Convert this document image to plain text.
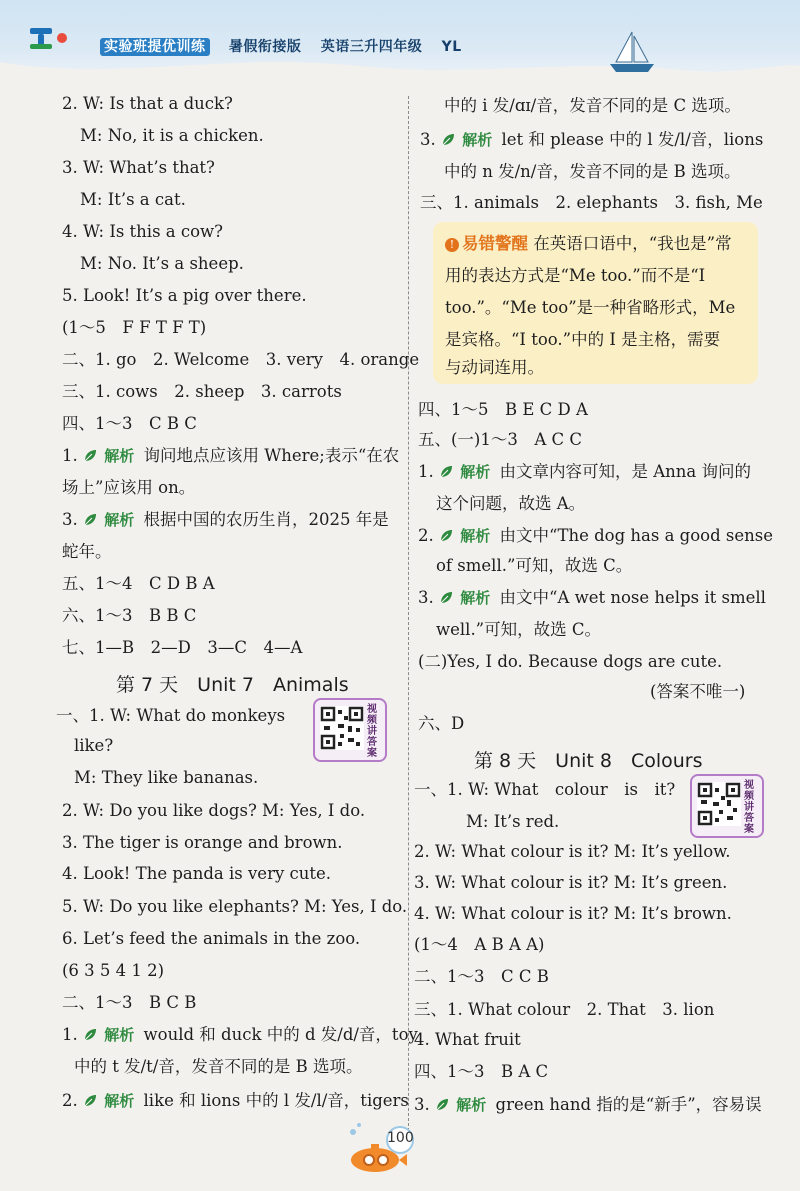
实验班提优训练 暑假衔接版 英语三升四年级 YL
2. W: Is that a duck?
M: No, it is a chicken.
3. W: What’s that?
M: It’s a cat.
4. W: Is this a cow?
M: No. It’s a sheep.
5. Look! It’s a pig over there.
(1～5　F F T F T)
二、1. go　2. Welcome　3. very　4. orange
三、1. cows　2. sheep　3. carrots
四、1～3　C B C
1. 解析 询问地点应该用 Where;表示“在农
场上”应该用 on。
3. 解析 根据中国的农历生肖，2025 年是
蛇年。
五、1～4　C D B A
六、1～3　B B C
七、1—B　2—D　3—C　4—A
第 7 天　Unit 7　Animals
视频讲答案
一、1. W: What do monkeys
like?
M: They like bananas.
2. W: Do you like dogs? M: Yes, I do.
3. The tiger is orange and brown.
4. Look! The panda is very cute.
5. W: Do you like elephants? M: Yes, I do.
6. Let’s feed the animals in the zoo.
(6 3 5 4 1 2)
二、1～3　B C B
1. 解析 would 和 duck 中的 d 发/d/音，toy
中的 t 发/t/音，发音不同的是 B 选项。
2. 解析 like 和 lions 中的 l 发/l/音，tigers
中的 i 发/ɑɪ/音，发音不同的是 C 选项。
3. 解析 let 和 please 中的 l 发/l/音，lions
中的 n 发/n/音，发音不同的是 B 选项。
三、1. animals　2. elephants　3. fish, Me
! 易错警醒 在英语口语中，“我也是”常
用的表达方式是“Me too.”而不是“I
too.”。“Me too”是一种省略形式，Me
是宾格。“I too.”中的 I 是主格，需要
与动词连用。
四、1～5　B E C D A
五、(一)1～3　A C C
1. 解析 由文章内容可知，是 Anna 询问的
这个问题，故选 A。
2. 解析 由文中“The dog has a good sense
of smell.”可知，故选 C。
3. 解析 由文中“A wet nose helps it smell
well.”可知，故选 C。
(二)Yes, I do. Because dogs are cute.
(答案不唯一)
六、D
第 8 天　Unit 8　Colours
视频讲答案
一、1. W: What　colour　is　it?
M: It’s red.
2. W: What colour is it? M: It’s yellow.
3. W: What colour is it? M: It’s green.
4. W: What colour is it? M: It’s brown.
(1～4　A B A A)
二、1～3　C C B
三、1. What colour　2. That　3. lion
4. What fruit
四、1～3　B A C
3. 解析 green hand 指的是“新手”，容易误
100
